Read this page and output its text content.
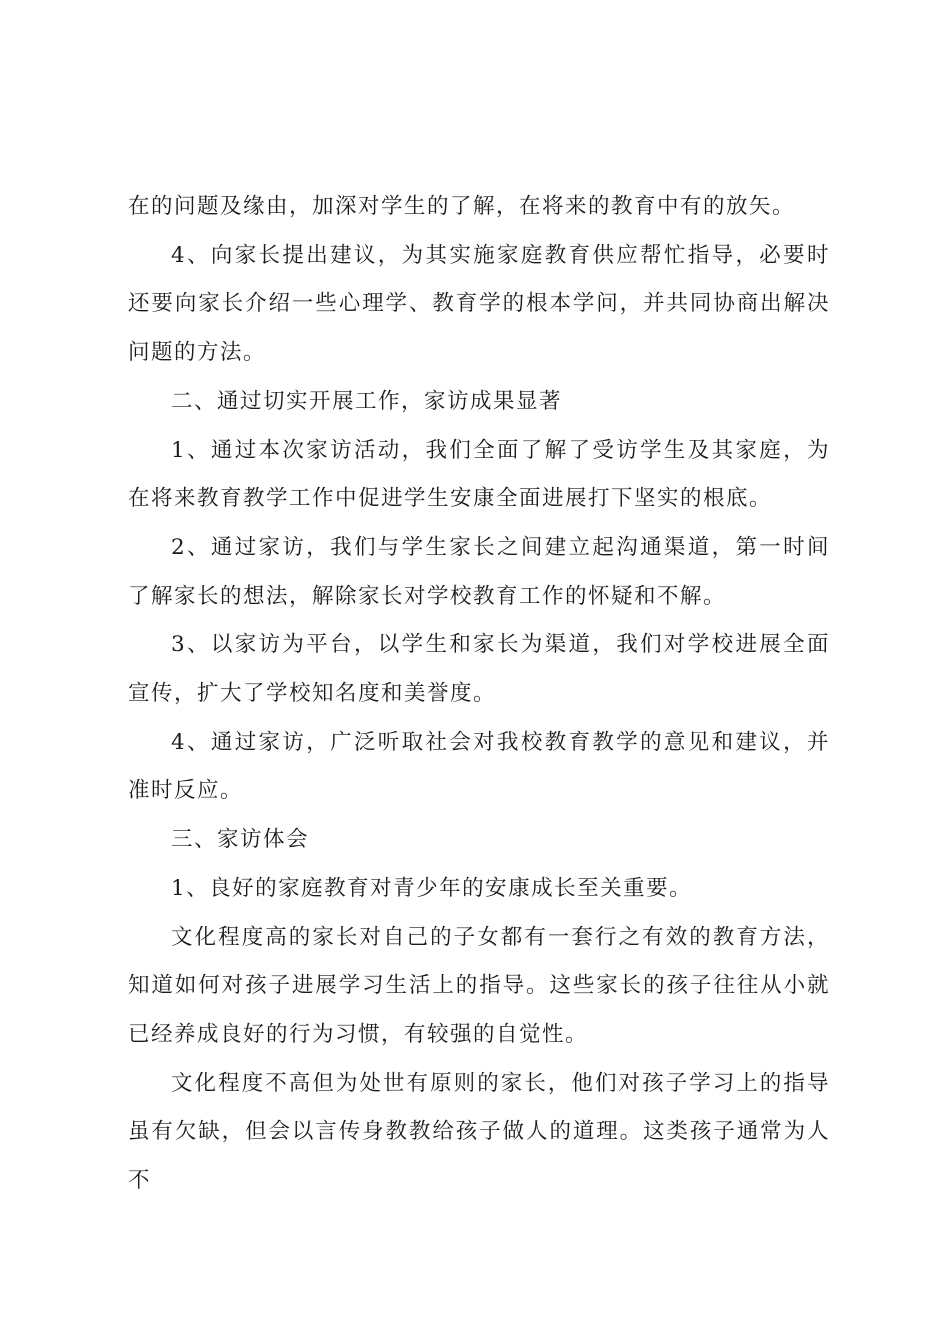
在的问题及缘由，加深对学生的了解，在将来的教育中有的放矢。

4、向家长提出建议，为其实施家庭教育供应帮忙指导，必要时还要向家长介绍一些心理学、教育学的根本学问，并共同协商出解决问题的方法。

二、通过切实开展工作，家访成果显著

1、通过本次家访活动，我们全面了解了受访学生及其家庭，为在将来教育教学工作中促进学生安康全面进展打下坚实的根底。

2、通过家访，我们与学生家长之间建立起沟通渠道，第一时间了解家长的想法，解除家长对学校教育工作的怀疑和不解。

3、以家访为平台，以学生和家长为渠道，我们对学校进展全面宣传，扩大了学校知名度和美誉度。

4、通过家访，广泛听取社会对我校教育教学的意见和建议，并准时反应。

三、家访体会

1、良好的家庭教育对青少年的安康成长至关重要。

文化程度高的家长对自己的子女都有一套行之有效的教育方法，知道如何对孩子进展学习生活上的指导。这些家长的孩子往往从小就已经养成良好的行为习惯，有较强的自觉性。

文化程度不高但为处世有原则的家长，他们对孩子学习上的指导虽有欠缺，但会以言传身教教给孩子做人的道理。这类孩子通常为人不
